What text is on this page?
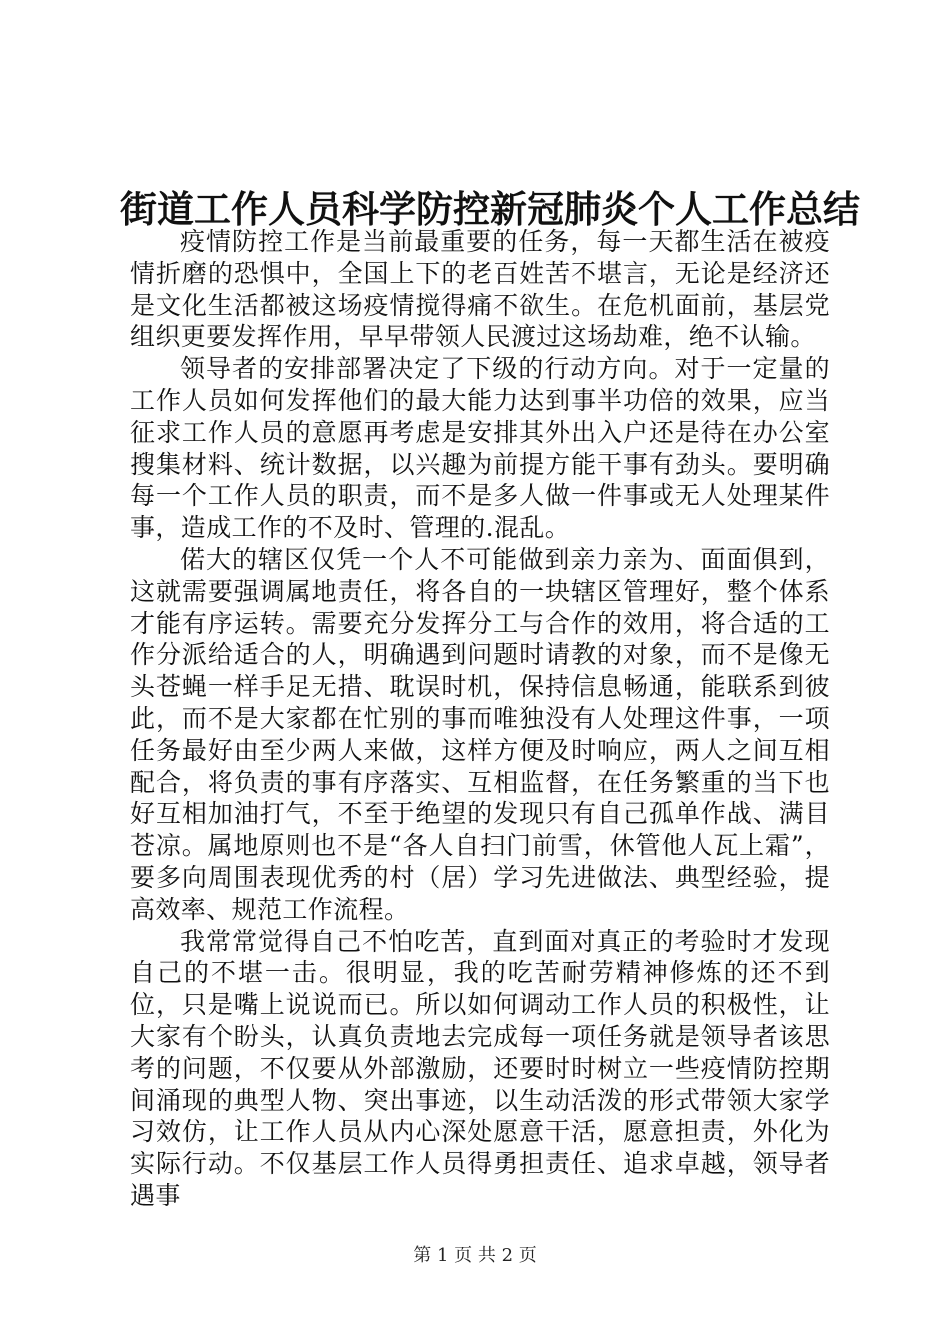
街道工作人员科学防控新冠肺炎个人工作总结

疫情防控工作是当前最重要的任务，每一天都生活在被疫情折磨的恐惧中，全国上下的老百姓苦不堪言，无论是经济还是文化生活都被这场疫情搅得痛不欲生。在危机面前，基层党组织更要发挥作用，早早带领人民渡过这场劫难，绝不认输。

领导者的安排部署决定了下级的行动方向。对于一定量的工作人员如何发挥他们的最大能力达到事半功倍的效果，应当征求工作人员的意愿再考虑是安排其外出入户还是待在办公室搜集材料、统计数据，以兴趣为前提方能干事有劲头。要明确每一个工作人员的职责，而不是多人做一件事或无人处理某件事，造成工作的不及时、管理的.混乱。

偌大的辖区仅凭一个人不可能做到亲力亲为、面面俱到，这就需要强调属地责任，将各自的一块辖区管理好，整个体系才能有序运转。需要充分发挥分工与合作的效用，将合适的工作分派给适合的人，明确遇到问题时请教的对象，而不是像无头苍蝇一样手足无措、耽误时机，保持信息畅通，能联系到彼此，而不是大家都在忙别的事而唯独没有人处理这件事，一项任务最好由至少两人来做，这样方便及时响应，两人之间互相配合，将负责的事有序落实、互相监督，在任务繁重的当下也好互相加油打气，不至于绝望的发现只有自己孤单作战、满目苍凉。属地原则也不是“各人自扫门前雪，休管他人瓦上霜”，要多向周围表现优秀的村（居）学习先进做法、典型经验，提高效率、规范工作流程。

我常常觉得自己不怕吃苦，直到面对真正的考验时才发现自己的不堪一击。很明显，我的吃苦耐劳精神修炼的还不到位，只是嘴上说说而已。所以如何调动工作人员的积极性，让大家有个盼头，认真负责地去完成每一项任务就是领导者该思考的问题，不仅要从外部激励，还要时时树立一些疫情防控期间涌现的典型人物、突出事迹，以生动活泼的形式带领大家学习效仿，让工作人员从内心深处愿意干活，愿意担责，外化为实际行动。不仅基层工作人员得勇担责任、追求卓越，领导者遇事

第 1 页 共 2 页
